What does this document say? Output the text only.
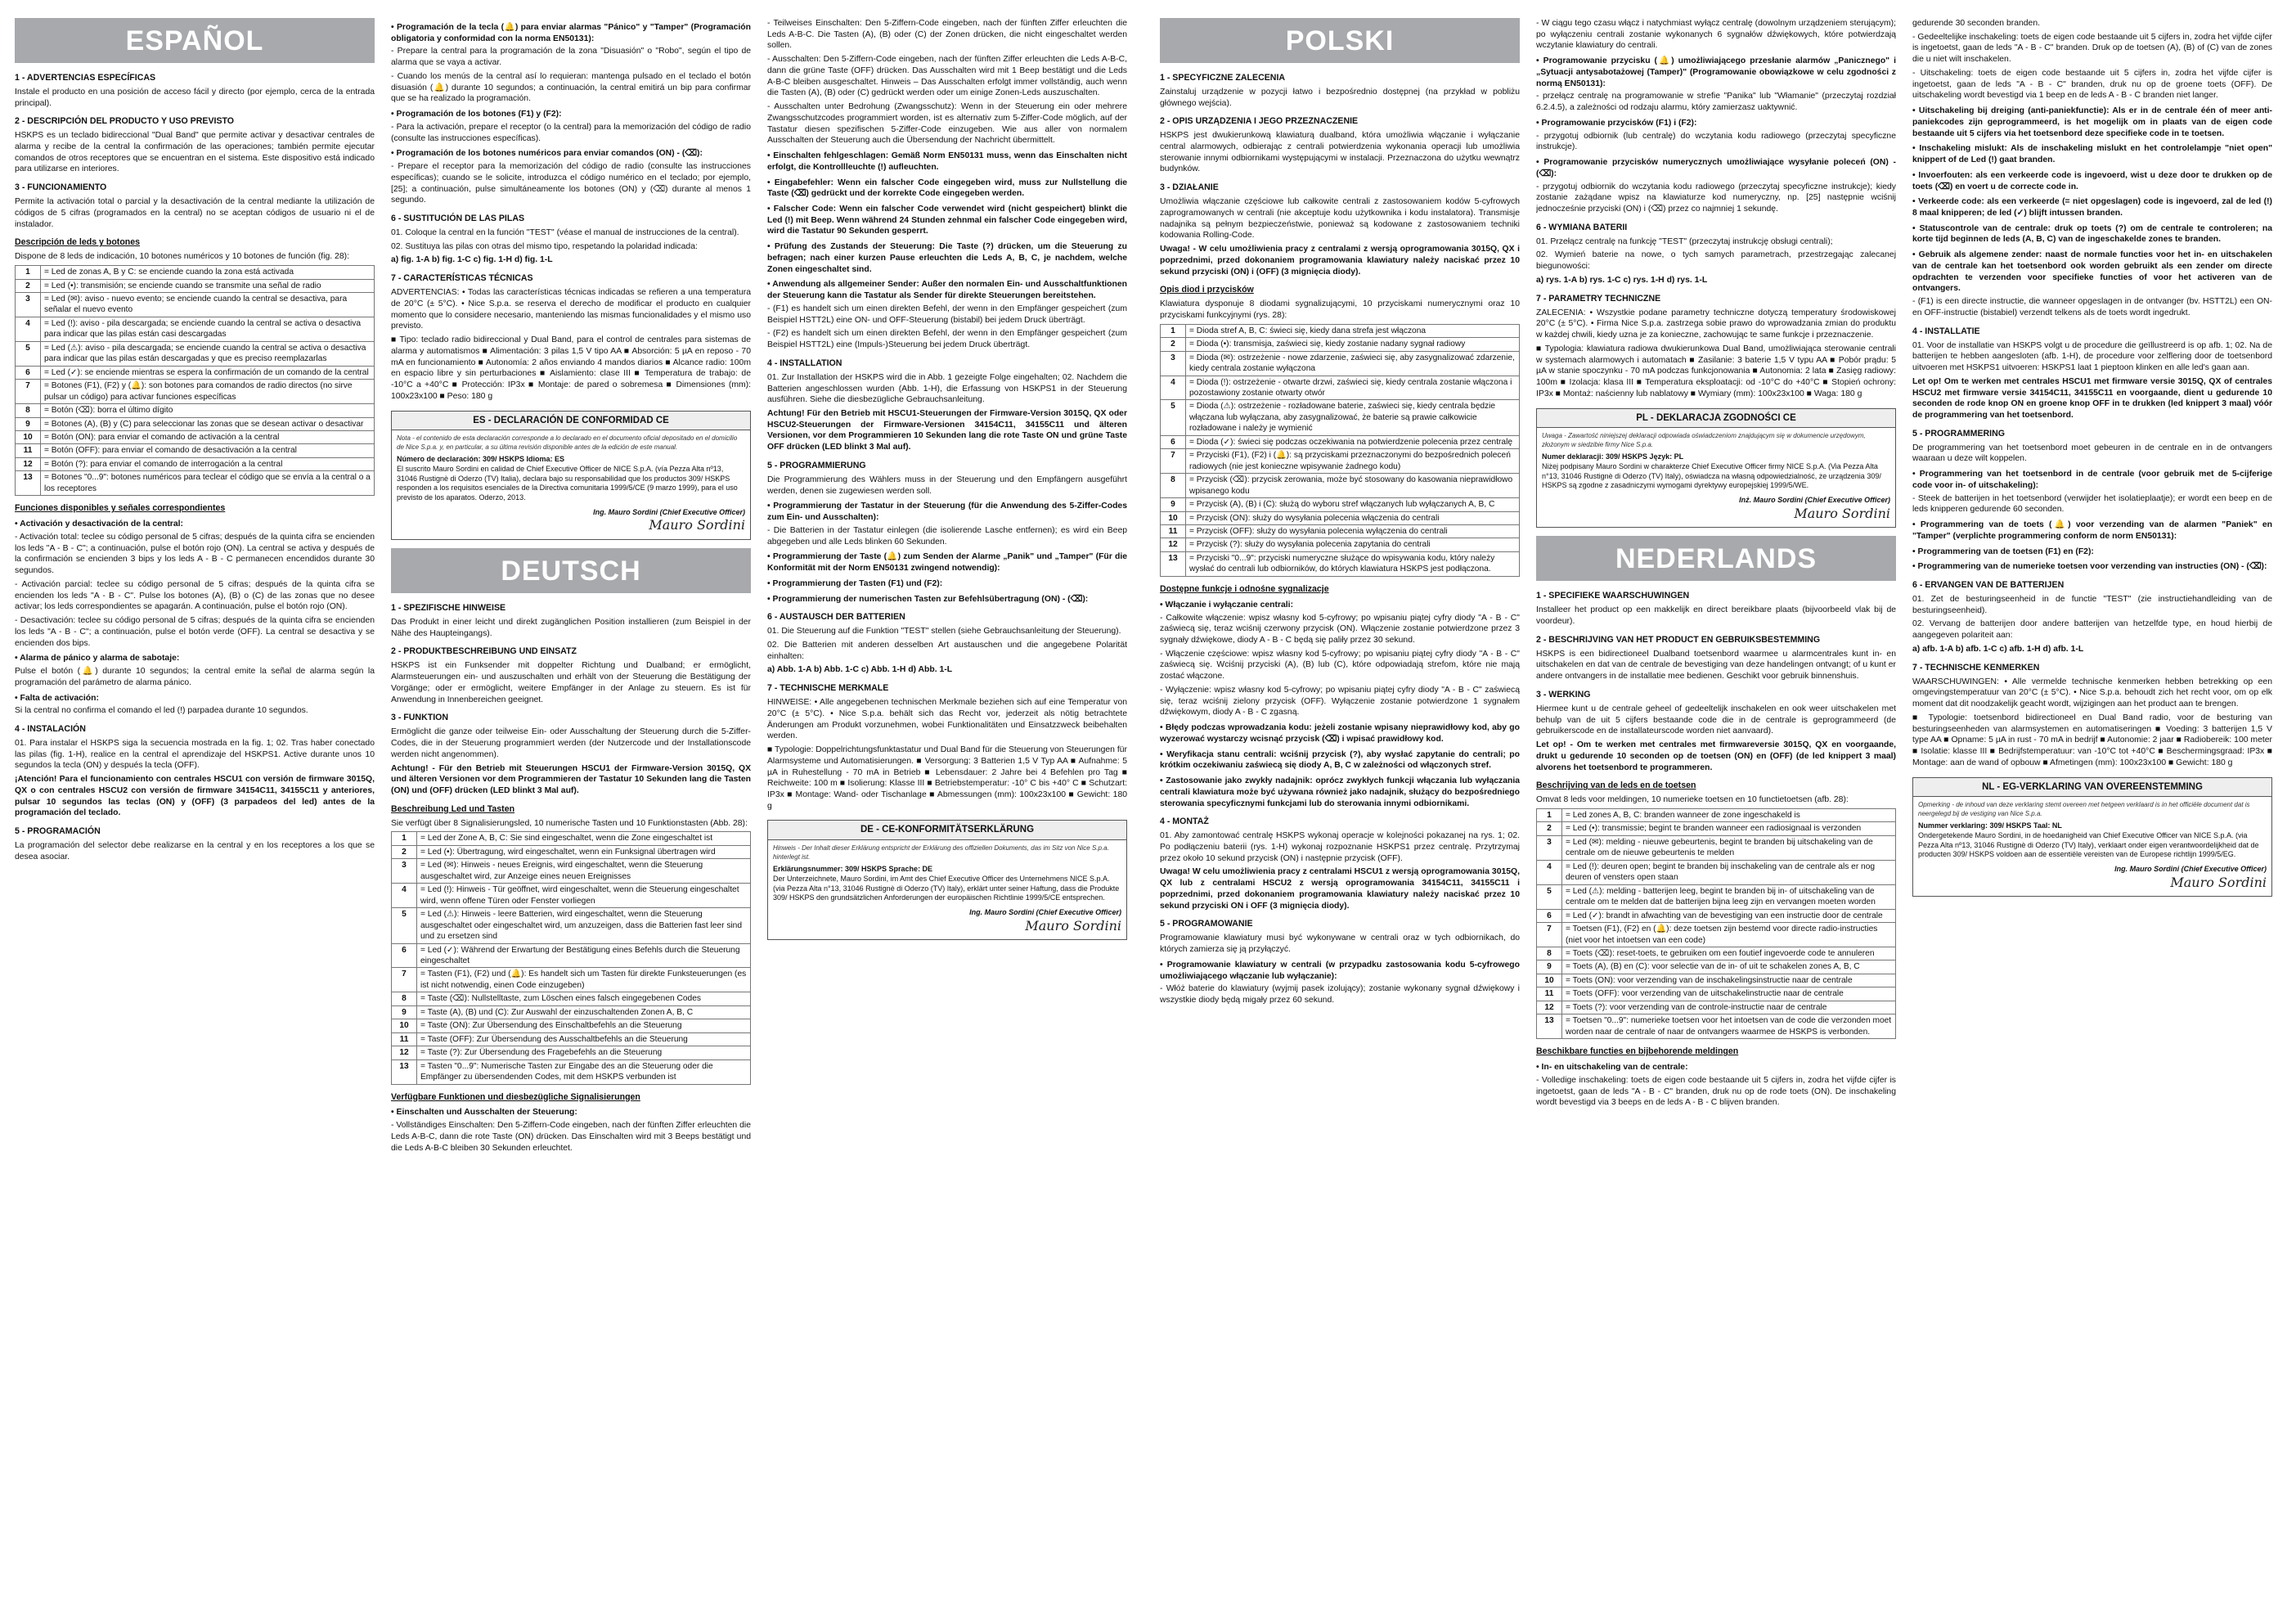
ESPAÑOL
1 - ADVERTENCIAS ESPECÍFICAS

Instale el producto en una posición de acceso fácil y directo (por ejemplo, cerca de la entrada principal).

2 - DESCRIPCIÓN DEL PRODUCTO Y USO PREVISTO

HSKPS es un teclado bidireccional "Dual Band" que permite activar y desactivar centrales de alarma y recibe de la central la confirmación de las operaciones; también permite ejecutar comandos de otros receptores que se encuentran en el sistema. Este dispositivo está indicado para utilizarse en interiores.

3 - FUNCIONAMIENTO

Permite la activación total o parcial y la desactivación de la central mediante la utilización de códigos de 5 cifras (programados en la central) no se aceptan códigos de usuario ni el de instalador.

Descripción de leds y botones

Dispone de 8 leds de indicación, 10 botones numéricos y 10 botones de función (fig. 28):

1	= Led de zonas A, B y C: se enciende cuando la zona está activada
2	= Led (•): transmisión; se enciende cuando se transmite una señal de radio
3	= Led (✉): aviso - nuevo evento; se enciende cuando la central se desactiva, para señalar el nuevo evento
4	= Led (!): aviso - pila descargada; se enciende cuando la central se activa o desactiva para indicar que las pilas están casi descargadas
5	= Led (⚠): aviso - pila descargada; se enciende cuando la central se activa o desactiva para indicar que las pilas están descargadas y que es preciso reemplazarlas
6	= Led (✓): se enciende mientras se espera la confirmación de un comando de la central
7	= Botones (F1), (F2) y (🔔): son botones para comandos de radio directos (no sirve pulsar un código) para activar funciones específicas
8	= Botón (⌫): borra el último dígito
9	= Botones (A), (B) y (C) para seleccionar las zonas que se desean activar o desactivar
10	= Botón (ON): para enviar el comando de activación a la central
11	= Botón (OFF): para enviar el comando de desactivación a la central
12	= Botón (?): para enviar el comando de interrogación a la central
13	= Botones "0...9": botones numéricos para teclear el código que se envía a la central o a los receptores
Funciones disponibles y señales correspondientes

• Activación y desactivación de la central:

- Activación total: teclee su código personal de 5 cifras; después de la quinta cifra se encienden los leds "A - B - C"; a continuación, pulse el botón rojo (ON). La central se activa y después de la confirmación se encienden 3 bips y los leds A - B - C permanecen encendidos durante 30 segundos.

- Activación parcial: teclee su código personal de 5 cifras; después de la quinta cifra se encienden los leds "A - B - C". Pulse los botones (A), (B) o (C) de las zonas que no desee activar; los leds correspondientes se apagarán. A continuación, pulse el botón rojo (ON).

- Desactivación: teclee su código personal de 5 cifras; después de la quinta cifra se encienden los leds "A - B - C"; a continuación, pulse el botón verde (OFF). La central se desactiva y se encienden dos bips.

• Alarma de pánico y alarma de sabotaje:

Pulse el botón (🔔) durante 10 segundos; la central emite la señal de alarma según la programación del parámetro de alarma pánico.

• Falta de activación:

Si la central no confirma el comando el led (!) parpadea durante 10 segundos.

4 - INSTALACIÓN

01. Para instalar el HSKPS siga la secuencia mostrada en la fig. 1; 02. Tras haber conectado las pilas (fig. 1-H), realice en la central el aprendizaje del HSKPS1. Active durante unos 10 segundos la tecla (ON) y después la tecla (OFF).

¡Atención! Para el funcionamiento con centrales HSCU1 con versión de firmware 3015Q, QX o con centrales HSCU2 con versión de firmware 34154C11, 34155C11 y anteriores, pulsar 10 segundos las teclas (ON) y (OFF) (3 parpadeos del led) antes de la programación del teclado.

5 - PROGRAMACIÓN

La programación del selector debe realizarse en la central y en los receptores a los que se desea asociar.

• Programación de la tecla (🔔) para enviar alarmas "Pánico" y "Tamper" (Programación obligatoria y conformidad con la norma EN50131):

- Prepare la central para la programación de la zona "Disuasión" o "Robo", según el tipo de alarma que se vaya a activar.

- Cuando los menús de la central así lo requieran: mantenga pulsado en el teclado el botón disuasión (🔔) durante 10 segundos; a continuación, la central emitirá un bip para confirmar que se ha realizado la programación.

• Programación de los botones (F1) y (F2):

- Para la activación, prepare el receptor (o la central) para la memorización del código de radio (consulte las instrucciones específicas).

• Programación de los botones numéricos para enviar comandos (ON) - (⌫):

- Prepare el receptor para la memorización del código de radio (consulte las instrucciones específicas); cuando se le solicite, introduzca el código numérico en el teclado; por ejemplo, [25]; a continuación, pulse simultáneamente los botones (ON) y (⌫) durante al menos 1 segundo.

6 - SUSTITUCIÓN DE LAS PILAS

01. Coloque la central en la función "TEST" (véase el manual de instrucciones de la central).

02. Sustituya las pilas con otras del mismo tipo, respetando la polaridad indicada:

a) fig. 1-A b) fig. 1-C c) fig. 1-H d) fig. 1-L

7 - CARACTERÍSTICAS TÉCNICAS

ADVERTENCIAS: • Todas las características técnicas indicadas se refieren a una temperatura de 20°C (± 5°C). • Nice S.p.a. se reserva el derecho de modificar el producto en cualquier momento que lo considere necesario, manteniendo las mismas funcionalidades y el mismo uso previsto.

■ Tipo: teclado radio bidireccional y Dual Band, para el control de centrales para sistemas de alarma y automatismos ■ Alimentación: 3 pilas 1,5 V tipo AA ■ Absorción: 5 µA en reposo - 70 mA en funcionamiento ■ Autonomía: 2 años enviando 4 mandos diarios ■ Alcance radio: 100m en espacio libre y sin perturbaciones ■ Aislamiento: clase III ■ Temperatura de trabajo: de -10°C a +40°C ■ Protección: IP3x ■ Montaje: de pared o sobremesa ■ Dimensiones (mm): 100x23x100 ■ Peso: 180 g

ES - DECLARACIÓN DE CONFORMIDAD CE
Nota - el contenido de esta declaración corresponde a lo declarado en el documento oficial depositado en el domicilio de Nice S.p.a. y, en particular, a su última revisión disponible antes de la edición de este manual.
Número de declaración: 309/ HSKPS Idioma: ES
El suscrito Mauro Sordini en calidad de Chief Executive Officer de NICE S.p.A. (vía Pezza Alta nº13, 31046 Rustignè di Oderzo (TV) Italia), declara bajo su responsabilidad que los productos 309/ HSKPS responden a los requisitos esenciales de la Directiva comunitaria 1999/5/CE (9 marzo 1999), para el uso previsto de los aparatos. Oderzo, 2013.
Ing. Mauro Sordini (Chief Executive Officer)
Mauro Sordini
DEUTSCH
1 - SPEZIFISCHE HINWEISE

Das Produkt in einer leicht und direkt zugänglichen Position installieren (zum Beispiel in der Nähe des Haupteingangs).

2 - PRODUKTBESCHREIBUNG UND EINSATZ

HSKPS ist ein Funksender mit doppelter Richtung und Dualband; er ermöglicht, Alarmsteuerungen ein- und auszuschalten und erhält von der Steuerung die Bestätigung der Vorgänge; oder er ermöglicht, weitere Empfänger in der Anlage zu steuern. Es ist für Anwendung in Innenbereichen geeignet.

3 - FUNKTION

Ermöglicht die ganze oder teilweise Ein- oder Ausschaltung der Steuerung durch die 5-Ziffer-Codes, die in der Steuerung programmiert werden (der Nutzercode und der Installationscode werden nicht angenommen).

Achtung! - Für den Betrieb mit Steuerungen HSCU1 der Firmware-Version 3015Q, QX und älteren Versionen vor dem Programmieren der Tastatur 10 Sekunden lang die Tasten (ON) und (OFF) drücken (LED blinkt 3 Mal auf).

Beschreibung Led und Tasten

Sie verfügt über 8 Signalisierungsled, 10 numerische Tasten und 10 Funktionstasten (Abb. 28):

1	= Led der Zone A, B, C: Sie sind eingeschaltet, wenn die Zone eingeschaltet ist
2	= Led (•): Übertragung, wird eingeschaltet, wenn ein Funksignal übertragen wird
3	= Led (✉): Hinweis - neues Ereignis, wird eingeschaltet, wenn die Steuerung ausgeschaltet wird, zur Anzeige eines neuen Ereignisses
4	= Led (!): Hinweis - Tür geöffnet, wird eingeschaltet, wenn die Steuerung eingeschaltet wird, wenn offene Türen oder Fenster vorliegen
5	= Led (⚠): Hinweis - leere Batterien, wird eingeschaltet, wenn die Steuerung ausgeschaltet oder eingeschaltet wird, um anzuzeigen, dass die Batterien fast leer sind und zu ersetzen sind
6	= Led (✓): Während der Erwartung der Bestätigung eines Befehls durch die Steuerung eingeschaltet
7	= Tasten (F1), (F2) und (🔔): Es handelt sich um Tasten für direkte Funksteuerungen (es ist nicht notwendig, einen Code einzugeben)
8	= Taste (⌫): Nullstelltaste, zum Löschen eines falsch eingegebenen Codes
9	= Taste (A), (B) und (C): Zur Auswahl der einzuschaltenden Zonen A, B, C
10	= Taste (ON): Zur Übersendung des Einschaltbefehls an die Steuerung
11	= Taste (OFF): Zur Übersendung des Ausschaltbefehls an die Steuerung
12	= Taste (?): Zur Übersendung des Fragebefehls an die Steuerung
13	= Tasten "0...9": Numerische Tasten zur Eingabe des an die Steuerung oder die Empfänger zu übersendenden Codes, mit dem HSKPS verbunden ist
Verfügbare Funktionen und diesbezügliche Signalisierungen

• Einschalten und Ausschalten der Steuerung:

- Vollständiges Einschalten: Den 5-Ziffern-Code eingeben, nach der fünften Ziffer erleuchten die Leds A-B-C, dann die rote Taste (ON) drücken. Das Einschalten wird mit 3 Beeps bestätigt und die Leds A-B-C bleiben 30 Sekunden erleuchtet.

- Teilweises Einschalten: Den 5-Ziffern-Code eingeben, nach der fünften Ziffer erleuchten die Leds A-B-C. Die Tasten (A), (B) oder (C) der Zonen drücken, die nicht eingeschaltet werden sollen.

- Ausschalten: Den 5-Ziffern-Code eingeben, nach der fünften Ziffer erleuchten die Leds A-B-C, dann die grüne Taste (OFF) drücken. Das Ausschalten wird mit 1 Beep bestätigt und die Leds A-B-C bleiben ausgeschaltet. Hinweis – Das Ausschalten erfolgt immer vollständig, auch wenn die Tasten (A), (B) oder (C) gedrückt werden oder um einige Zonen-Leds auszuschalten.

- Ausschalten unter Bedrohung (Zwangsschutz): Wenn in der Steuerung ein oder mehrere Zwangsschutzcodes programmiert worden, ist es alternativ zum 5-Ziffer-Code möglich, auf der Tastatur diesen spezifischen 5-Ziffer-Code einzugeben. Wie aus aller von normalem Ausschalten der Steuerung auch die Übersendung der Nachricht übermittelt.

• Einschalten fehlgeschlagen: Gemäß Norm EN50131 muss, wenn das Einschalten nicht erfolgt, die Kontrollleuchte (!) aufleuchten.

• Eingabefehler: Wenn ein falscher Code eingegeben wird, muss zur Nullstellung die Taste (⌫) gedrückt und der korrekte Code eingegeben werden.

• Falscher Code: Wenn ein falscher Code verwendet wird (nicht gespeichert) blinkt die Led (!) mit Beep. Wenn während 24 Stunden zehnmal ein falscher Code eingegeben wird, wird die Tastatur 90 Sekunden gesperrt.

• Prüfung des Zustands der Steuerung: Die Taste (?) drücken, um die Steuerung zu befragen; nach einer kurzen Pause erleuchten die Leds A, B, C, je nachdem, welche Zonen eingeschaltet sind.

• Anwendung als allgemeiner Sender: Außer den normalen Ein- und Ausschaltfunktionen der Steuerung kann die Tastatur als Sender für direkte Steuerungen bereitstehen.

- (F1) es handelt sich um einen direkten Befehl, der wenn in den Empfänger gespeichert (zum Beispiel HSTT2L) eine ON- und OFF-Steuerung (bistabil) bei jedem Druck überträgt.

- (F2) es handelt sich um einen direkten Befehl, der wenn in den Empfänger gespeichert (zum Beispiel HSTT2L) eine (Impuls-)Steuerung bei jedem Druck überträgt.

4 - INSTALLATION

01. Zur Installation der HSKPS wird die in Abb. 1 gezeigte Folge eingehalten; 02. Nachdem die Batterien angeschlossen wurden (Abb. 1-H), die Erfassung von HSKPS1 in der Steuerung ausführen. Siehe die diesbezügliche Gebrauchsanleitung.

Achtung! Für den Betrieb mit HSCU1-Steuerungen der Firmware-Version 3015Q, QX oder HSCU2-Steuerungen der Firmware-Versionen 34154C11, 34155C11 und älteren Versionen, vor dem Programmieren 10 Sekunden lang die rote Taste ON und grüne Taste OFF drücken (LED blinkt 3 Mal auf).

5 - PROGRAMMIERUNG

Die Programmierung des Wählers muss in der Steuerung und den Empfängern ausgeführt werden, denen sie zugewiesen werden soll.

• Programmierung der Tastatur in der Steuerung (für die Anwendung des 5-Ziffer-Codes zum Ein- und Ausschalten):

- Die Batterien in der Tastatur einlegen (die isolierende Lasche entfernen); es wird ein Beep abgegeben und alle Leds blinken 60 Sekunden.

• Programmierung der Taste (🔔) zum Senden der Alarme „Panik" und „Tamper" (Für die Konformität mit der Norm EN50131 zwingend notwendig):

• Programmierung der Tasten (F1) und (F2):

• Programmierung der numerischen Tasten zur Befehlsübertragung (ON) - (⌫):

6 - AUSTAUSCH DER BATTERIEN

01. Die Steuerung auf die Funktion "TEST" stellen (siehe Gebrauchsanleitung der Steuerung).

02. Die Batterien mit anderen desselben Art austauschen und die angegebene Polarität einhalten:

a) Abb. 1-A b) Abb. 1-C c) Abb. 1-H d) Abb. 1-L

7 - TECHNISCHE MERKMALE

HINWEISE: • Alle angegebenen technischen Merkmale beziehen sich auf eine Temperatur von 20°C (± 5°C). • Nice S.p.a. behält sich das Recht vor, jederzeit als nötig betrachtete Änderungen am Produkt vorzunehmen, wobei Funktionalitäten und Einsatzzweck beibehalten werden.

■ Typologie: Doppelrichtungsfunktastatur und Dual Band für die Steuerung von Steuerungen für Alarmsysteme und Automatisierungen. ■ Versorgung: 3 Batterien 1,5 V Typ AA ■ Aufnahme: 5 µA in Ruhestellung - 70 mA in Betrieb ■ Lebensdauer: 2 Jahre bei 4 Befehlen pro Tag ■ Reichweite: 100 m ■ Isolierung: Klasse III ■ Betriebstemperatur: -10° C bis +40° C ■ Schutzart: IP3x ■ Montage: Wand- oder Tischanlage ■ Abmessungen (mm): 100x23x100 ■ Gewicht: 180 g

DE - CE-KONFORMITÄTSERKLÄRUNG
Hinweis - Der Inhalt dieser Erklärung entspricht der Erklärung des offiziellen Dokuments, das im Sitz von Nice S.p.a. hinterlegt ist.
Erklärungsnummer: 309/ HSKPS Sprache: DE
Der Unterzeichnete, Mauro Sordini, im Amt des Chief Executive Officer des Unternehmens NICE S.p.A. (via Pezza Alta n°13, 31046 Rustignè di Oderzo (TV) Italy), erklärt unter seiner Haftung, dass die Produkte 309/ HSKPS den grundsätzlichen Anforderungen der europäischen Richtlinie 1999/5/CE entsprechen.
Ing. Mauro Sordini (Chief Executive Officer)
Mauro Sordini
POLSKI
1 - SPECYFICZNE ZALECENIA

Zainstaluj urządzenie w pozycji łatwo i bezpośrednio dostępnej (na przykład w pobliżu głównego wejścia).

2 - OPIS URZĄDZENIA I JEGO PRZEZNACZENIE

HSKPS jest dwukierunkową klawiaturą dualband, która umożliwia włączanie i wyłączanie central alarmowych, odbierając z centrali potwierdzenia wykonania operacji lub umożliwia sterowanie innymi odbiornikami występującymi w instalacji. Przeznaczona do użytku wewnątrz budynków.

3 - DZIAŁANIE

Umożliwia włączanie częściowe lub całkowite centrali z zastosowaniem kodów 5-cyfrowych zaprogramowanych w centrali (nie akceptuje kodu użytkownika i kodu instalatora). Transmisje nadajnika są pełnym bezpieczeństwie, ponieważ są kodowane z zastosowaniem techniki kodowania Rolling-Code.

Uwaga! - W celu umożliwienia pracy z centralami z wersją oprogramowania 3015Q, QX i poprzednimi, przed dokonaniem programowania klawiatury należy naciskać przez 10 sekund przyciski (ON) i (OFF) (3 mignięcia diody).

Opis diod i przycisków

Klawiatura dysponuje 8 diodami sygnalizującymi, 10 przyciskami numerycznymi oraz 10 przyciskami funkcyjnymi (rys. 28):

1	= Dioda stref A, B, C: świeci się, kiedy dana strefa jest włączona
2	= Dioda (•): transmisja, zaświeci się, kiedy zostanie nadany sygnał radiowy
3	= Dioda (✉): ostrzeżenie - nowe zdarzenie, zaświeci się, aby zasygnalizować zdarzenie, kiedy centrala zostanie wyłączona
4	= Dioda (!): ostrzeżenie - otwarte drzwi, zaświeci się, kiedy centrala zostanie włączona i pozostawiony zostanie otwarty otwór
5	= Dioda (⚠): ostrzeżenie - rozładowane baterie, zaświeci się, kiedy centrala będzie włączana lub wyłączana, aby zasygnalizować, że baterie są prawie całkowicie rozładowane i należy je wymienić
6	= Dioda (✓): świeci się podczas oczekiwania na potwierdzenie polecenia przez centralę
7	= Przyciski (F1), (F2) i (🔔): są przyciskami przeznaczonymi do bezpośrednich poleceń radiowych (nie jest konieczne wpisywanie żadnego kodu)
8	= Przycisk (⌫): przycisk zerowania, może być stosowany do kasowania nieprawidłowo wpisanego kodu
9	= Przycisk (A), (B) i (C): służą do wyboru stref włączanych lub wyłączanych A, B, C
10	= Przycisk (ON): służy do wysyłania polecenia włączenia do centrali
11	= Przycisk (OFF): służy do wysyłania polecenia wyłączenia do centrali
12	= Przycisk (?): służy do wysyłania polecenia zapytania do centrali
13	= Przyciski "0...9": przyciski numeryczne służące do wpisywania kodu, który należy wysłać do centrali lub odbiorników, do których klawiatura HSKPS jest podłączona.
Dostępne funkcje i odnośne sygnalizacje

• Włączanie i wyłączanie centrali:

- Całkowite włączenie: wpisz własny kod 5-cyfrowy; po wpisaniu piątej cyfry diody "A - B - C" zaświecą się, teraz wciśnij czerwony przycisk (ON). Włączenie zostanie potwierdzone przez 3 sygnały dźwiękowe, diody A - B - C będą się paliły przez 30 sekund.

- Włączenie częściowe: wpisz własny kod 5-cyfrowy; po wpisaniu piątej cyfry diody "A - B - C" zaświecą się. Wciśnij przyciski (A), (B) lub (C), które odpowiadają strefom, które nie mają zostać włączone.

- Wyłączenie: wpisz własny kod 5-cyfrowy; po wpisaniu piątej cyfry diody "A - B - C" zaświecą się, teraz wciśnij zielony przycisk (OFF). Wyłączenie zostanie potwierdzone 1 sygnałem dźwiękowym, diody A - B - C zgasną.

• Błędy podczas wprowadzania kodu: jeżeli zostanie wpisany nieprawidłowy kod, aby go wyzerować wystarczy wcisnąć przycisk (⌫) i wpisać prawidłowy kod.

• Weryfikacja stanu centrali: wciśnij przycisk (?), aby wysłać zapytanie do centrali; po krótkim oczekiwaniu zaświecą się diody A, B, C w zależności od włączonych stref.

• Zastosowanie jako zwykły nadajnik: oprócz zwykłych funkcji włączania lub wyłączania centrali klawiatura może być używana również jako nadajnik, służący do bezpośredniego sterowania specyficznymi funkcjami lub do sterowania innymi odbiornikami.

4 - MONTAŻ

01. Aby zamontować centralę HSKPS wykonaj operacje w kolejności pokazanej na rys. 1; 02. Po podłączeniu baterii (rys. 1-H) wykonaj rozpoznanie HSKPS1 przez centralę. Przytrzymaj przez około 10 sekund przycisk (ON) i następnie przycisk (OFF).

Uwaga! W celu umożliwienia pracy z centralami HSCU1 z wersją oprogramowania 3015Q, QX lub z centralami HSCU2 z wersją oprogramowania 34154C11, 34155C11 i poprzednimi, przed dokonaniem programowania klawiatury należy naciskać przez 10 sekund przyciski ON i OFF (3 mignięcia diody).

5 - PROGRAMOWANIE

Programowanie klawiatury musi być wykonywane w centrali oraz w tych odbiornikach, do których zamierza się ją przyłączyć.

• Programowanie klawiatury w centrali (w przypadku zastosowania kodu 5-cyfrowego umożliwiającego włączanie lub wyłączanie):

- Włóż baterie do klawiatury (wyjmij pasek izolujący); zostanie wykonany sygnał dźwiękowy i wszystkie diody będą migały przez 60 sekund.

- W ciągu tego czasu włącz i natychmiast wyłącz centralę (dowolnym urządzeniem sterującym); po wyłączeniu centrali zostanie wykonanych 6 sygnałów dźwiękowych, które potwierdzają wczytanie klawiatury do centrali.

• Programowanie przycisku (🔔) umożliwiającego przesłanie alarmów „Panicznego" i „Sytuacji antysabotażowej (Tamper)" (Programowanie obowiązkowe w celu zgodności z normą EN50131):

- przełącz centralę na programowanie w strefie "Panika" lub "Włamanie" (przeczytaj rozdział 6.2.4.5), a zależności od rodzaju alarmu, który zamierzasz uaktywnić.

• Programowanie przycisków (F1) i (F2):

- przygotuj odbiornik (lub centralę) do wczytania kodu radiowego (przeczytaj specyficzne instrukcje).

• Programowanie przycisków numerycznych umożliwiające wysyłanie poleceń (ON) - (⌫):

- przygotuj odbiornik do wczytania kodu radiowego (przeczytaj specyficzne instrukcje); kiedy zostanie zażądane wpisz na klawiaturze kod numeryczny, np. [25] następnie wciśnij jednocześnie przyciski (ON) i (⌫) przez co najmniej 1 sekundę.

6 - WYMIANA BATERII

01. Przełącz centralę na funkcję "TEST" (przeczytaj instrukcję obsługi centrali);

02. Wymień baterie na nowe, o tych samych parametrach, przestrzegając zalecanej biegunowości:

a) rys. 1-A b) rys. 1-C c) rys. 1-H d) rys. 1-L

7 - PARAMETRY TECHNICZNE

ZALECENIA: • Wszystkie podane parametry techniczne dotyczą temperatury środowiskowej 20°C (± 5°C). • Firma Nice S.p.a. zastrzega sobie prawo do wprowadzania zmian do produktu w każdej chwili, kiedy uzna je za konieczne, zachowując te same funkcje i przeznaczenie.

■ Typologia: klawiatura radiowa dwukierunkowa Dual Band, umożliwiająca sterowanie centrali w systemach alarmowych i automatach ■ Zasilanie: 3 baterie 1,5 V typu AA ■ Pobór prądu: 5 µA w stanie spoczynku - 70 mA podczas funkcjonowania ■ Autonomia: 2 lata ■ Zasięg radiowy: 100m ■ Izolacja: klasa III ■ Temperatura eksploatacji: od -10°C do +40°C ■ Stopień ochrony: IP3x ■ Montaż: naścienny lub nablatowy ■ Wymiary (mm): 100x23x100 ■ Waga: 180 g

PL - DEKLARACJA ZGODNOŚCI CE
Uwaga - Zawartość niniejszej deklaracji odpowiada oświadczeniom znajdującym się w dokumencie urzędowym, złożonym w siedzibie firmy Nice S.p.a.
Numer deklaracji: 309/ HSKPS Język: PL
Niżej podpisany Mauro Sordini w charakterze Chief Executive Officer firmy NICE S.p.A. (Via Pezza Alta n°13, 31046 Rustignè di Oderzo (TV) Italy), oświadcza na własną odpowiedzialność, że urządzenia 309/ HSKPS są zgodne z zasadniczymi wymogami dyrektywy europejskiej 1999/5/WE.
Inż. Mauro Sordini (Chief Executive Officer)
Mauro Sordini
NEDERLANDS
1 - SPECIFIEKE WAARSCHUWINGEN

Installeer het product op een makkelijk en direct bereikbare plaats (bijvoorbeeld vlak bij de voordeur).

2 - BESCHRIJVING VAN HET PRODUCT EN GEBRUIKSBESTEMMING

HSKPS is een bidirectioneel Dualband toetsenbord waarmee u alarmcentrales kunt in- en uitschakelen en dat van de centrale de bevestiging van deze handelingen ontvangt; of u kunt er andere ontvangers in de installatie mee bedienen. Geschikt voor gebruik binnenshuis.

3 - WERKING

Hiermee kunt u de centrale geheel of gedeeltelijk inschakelen en ook weer uitschakelen met behulp van de uit 5 cijfers bestaande code die in de centrale is geprogrammeerd (de gebruikerscode en de installateurscode worden niet aanvaard).

Let op! - Om te werken met centrales met firmwareversie 3015Q, QX en voorgaande, drukt u gedurende 10 seconden op de toetsen (ON) en (OFF) (de led knippert 3 maal) alvorens het toetsenbord te programmeren.

Beschrijving van de leds en de toetsen

Omvat 8 leds voor meldingen, 10 numerieke toetsen en 10 functietoetsen (afb. 28):

1	= Led zones A, B, C: branden wanneer de zone ingeschakeld is
2	= Led (•): transmissie; begint te branden wanneer een radiosignaal is verzonden
3	= Led (✉): melding - nieuwe gebeurtenis, begint te branden bij uitschakeling van de centrale om de nieuwe gebeurtenis te melden
4	= Led (!): deuren open; begint te branden bij inschakeling van de centrale als er nog deuren of vensters open staan
5	= Led (⚠): melding - batterijen leeg, begint te branden bij in- of uitschakeling van de centrale om te melden dat de batterijen bijna leeg zijn en vervangen moeten worden
6	= Led (✓): brandt in afwachting van de bevestiging van een instructie door de centrale
7	= Toetsen (F1), (F2) en (🔔): deze toetsen zijn bestemd voor directe radio-instructies (niet voor het intoetsen van een code)
8	= Toets (⌫): reset-toets, te gebruiken om een foutief ingevoerde code te annuleren
9	= Toets (A), (B) en (C): voor selectie van de in- of uit te schakelen zones A, B, C
10	= Toets (ON): voor verzending van de inschakelingsinstructie naar de centrale
11	= Toets (OFF): voor verzending van de uitschakelinstructie naar de centrale
12	= Toets (?): voor verzending van de controle-instructie naar de centrale
13	= Toetsen "0...9": numerieke toetsen voor het intoetsen van de code die verzonden moet worden naar de centrale of naar de ontvangers waarmee de HSKPS is verbonden.
Beschikbare functies en bijbehorende meldingen

• In- en uitschakeling van de centrale:

- Volledige inschakeling: toets de eigen code bestaande uit 5 cijfers in, zodra het vijfde cijfer is ingetoetst, gaan de leds "A - B - C" branden, druk nu op de rode toets (ON). De inschakeling wordt bevestigd via 3 beeps en de leds A - B - C blijven branden.

gedurende 30 seconden branden.

- Gedeeltelijke inschakeling: toets de eigen code bestaande uit 5 cijfers in, zodra het vijfde cijfer is ingetoetst, gaan de leds "A - B - C" branden. Druk op de toetsen (A), (B) of (C) van de zones die u niet wilt inschakelen.

- Uitschakeling: toets de eigen code bestaande uit 5 cijfers in, zodra het vijfde cijfer is ingetoetst, gaan de leds "A - B - C" branden, druk nu op de groene toets (OFF). De uitschakeling wordt bevestigd via 1 beep en de leds A - B - C branden niet langer.

• Uitschakeling bij dreiging (anti-paniekfunctie): Als er in de centrale één of meer anti-paniekcodes zijn geprogrammeerd, is het mogelijk om in plaats van de eigen code bestaande uit 5 cijfers via het toetsenbord deze specifieke code in te toetsen.

• Inschakeling mislukt: Als de inschakeling mislukt en het controlelampje "niet open" knippert of de Led (!) gaat branden.

• Invoerfouten: als een verkeerde code is ingevoerd, wist u deze door te drukken op de toets (⌫) en voert u de correcte code in.

• Verkeerde code: als een verkeerde (= niet opgeslagen) code is ingevoerd, zal de led (!) 8 maal knipperen; de led (✓) blijft intussen branden.

• Statuscontrole van de centrale: druk op toets (?) om de centrale te controleren; na korte tijd beginnen de leds (A, B, C) van de ingeschakelde zones te branden.

• Gebruik als algemene zender: naast de normale functies voor het in- en uitschakelen van de centrale kan het toetsenbord ook worden gebruikt als een zender om directe opdrachten te verzenden voor specifieke functies of voor het activeren van de ontvangers.

- (F1) is een directe instructie, die wanneer opgeslagen in de ontvanger (bv. HSTT2L) een ON- en OFF-instructie (bistabiel) verzendt telkens als de toets wordt ingedrukt.

4 - INSTALLATIE

01. Voor de installatie van HSKPS volgt u de procedure die geïllustreerd is op afb. 1; 02. Na de batterijen te hebben aangesloten (afb. 1-H), de procedure voor zelflering door de toetsenbord uitvoeren met HSKPS1 uitvoeren: HSKPS1 laat 1 pieptoon klinken en alle led's gaan aan.

Let op! Om te werken met centrales HSCU1 met firmware versie 3015Q, QX of centrales HSCU2 met firmware versie 34154C11, 34155C11 en voorgaande, dient u gedurende 10 seconden de rode knop ON en groene knop OFF in te drukken (led knippert 3 maal) vóór de programmering van het toetsenbord.

5 - PROGRAMMERING

De programmering van het toetsenbord moet gebeuren in de centrale en in de ontvangers waaraan u deze wilt koppelen.

• Programmering van het toetsenbord in de centrale (voor gebruik met de 5-cijferige code voor in- of uitschakeling):

- Steek de batterijen in het toetsenbord (verwijder het isolatieplaatje); er wordt een beep en de leds knipperen gedurende 60 seconden.

• Programmering van de toets (🔔) voor verzending van de alarmen "Paniek" en "Tamper" (verplichte programmering conform de norm EN50131):

• Programmering van de toetsen (F1) en (F2):

• Programmering van de numerieke toetsen voor verzending van instructies (ON) - (⌫):

6 - ERVANGEN VAN DE BATTERIJEN

01. Zet de besturingseenheid in de functie "TEST" (zie instructiehandleiding van de besturingseenheid).

02. Vervang de batterijen door andere batterijen van hetzelfde type, en houd hierbij de aangegeven polariteit aan:

a) afb. 1-A b) afb. 1-C c) afb. 1-H d) afb. 1-L

7 - TECHNISCHE KENMERKEN

WAARSCHUWINGEN: • Alle vermelde technische kenmerken hebben betrekking op een omgevingstemperatuur van 20°C (± 5°C). • Nice S.p.a. behoudt zich het recht voor, om op elk moment dat dit noodzakelijk geacht wordt, wijzigingen aan het product aan te brengen.

■ Typologie: toetsenbord bidirectioneel en Dual Band radio, voor de besturing van besturingseenheden van alarmsystemen en automatiseringen ■ Voeding: 3 batterijen 1,5 V type AA ■ Opname: 5 µA in rust - 70 mA in bedrijf ■ Autonomie: 2 jaar ■ Radiobereik: 100 meter ■ Isolatie: klasse III ■ Bedrijfstemperatuur: van -10°C tot +40°C ■ Beschermingsgraad: IP3x ■ Montage: aan de wand of opbouw ■ Afmetingen (mm): 100x23x100 ■ Gewicht: 180 g

NL - EG-VERKLARING VAN OVEREENSTEMMING
Opmerking - de inhoud van deze verklaring stemt overeen met hetgeen verklaard is in het officiële document dat is neergelegd bij de vestiging van Nice S.p.a.
Nummer verklaring: 309/ HSKPS Taal: NL
Ondergetekende Mauro Sordini, in de hoedanigheid van Chief Executive Officer van NICE S.p.A. (via Pezza Alta nº13, 31046 Rustignè di Oderzo (TV) Italy), verklaart onder eigen verantwoordelijkheid dat de producten 309/ HSKPS voldoen aan de essentiële vereisten van de Europese richtlijn 1999/5/EG.
Ing. Mauro Sordini (Chief Executive Officer)
Mauro Sordini
